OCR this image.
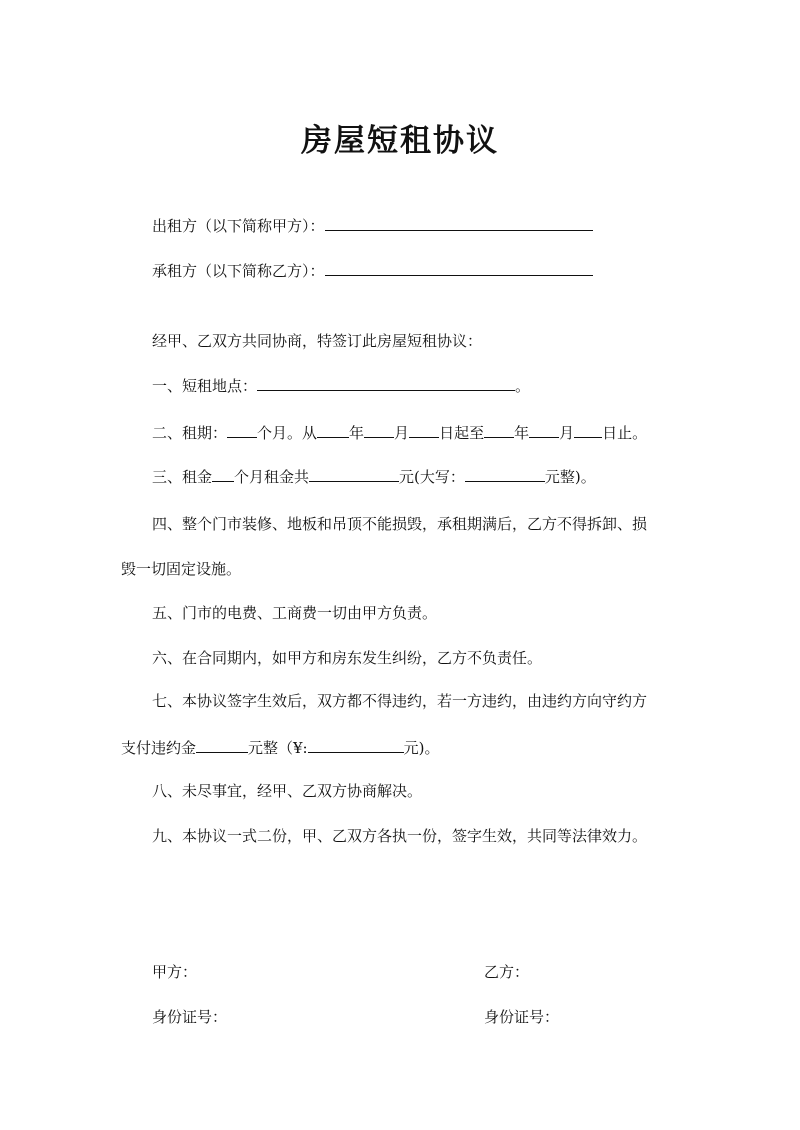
房屋短租协议
出租方（以下简称甲方）：
承租方（以下简称乙方）：
经甲、乙双方共同协商，特签订此房屋短租协议：
一、短租地点：	。
二、租期： 个月。从 年 月 日起至 年 月 日止。
三、租金 个月租金共	元(大写：	元整)。
四、整个门市装修、地板和吊顶不能损毁，承租期满后，乙方不得拆卸、损
毁一切固定设施。
五、门市的电费、工商费一切由甲方负责。
六、在合同期内，如甲方和房东发生纠纷，乙方不负责任。
七、本协议签字生效后，双方都不得违约，若一方违约，由违约方向守约方
支付违约金	元整（¥:	元)。
八、未尽事宜，经甲、乙双方协商解决。
九、本协议一式二份，甲、乙双方各执一份，签字生效，共同等法律效力。
甲方：	乙方：
身份证号：	身份证号：
